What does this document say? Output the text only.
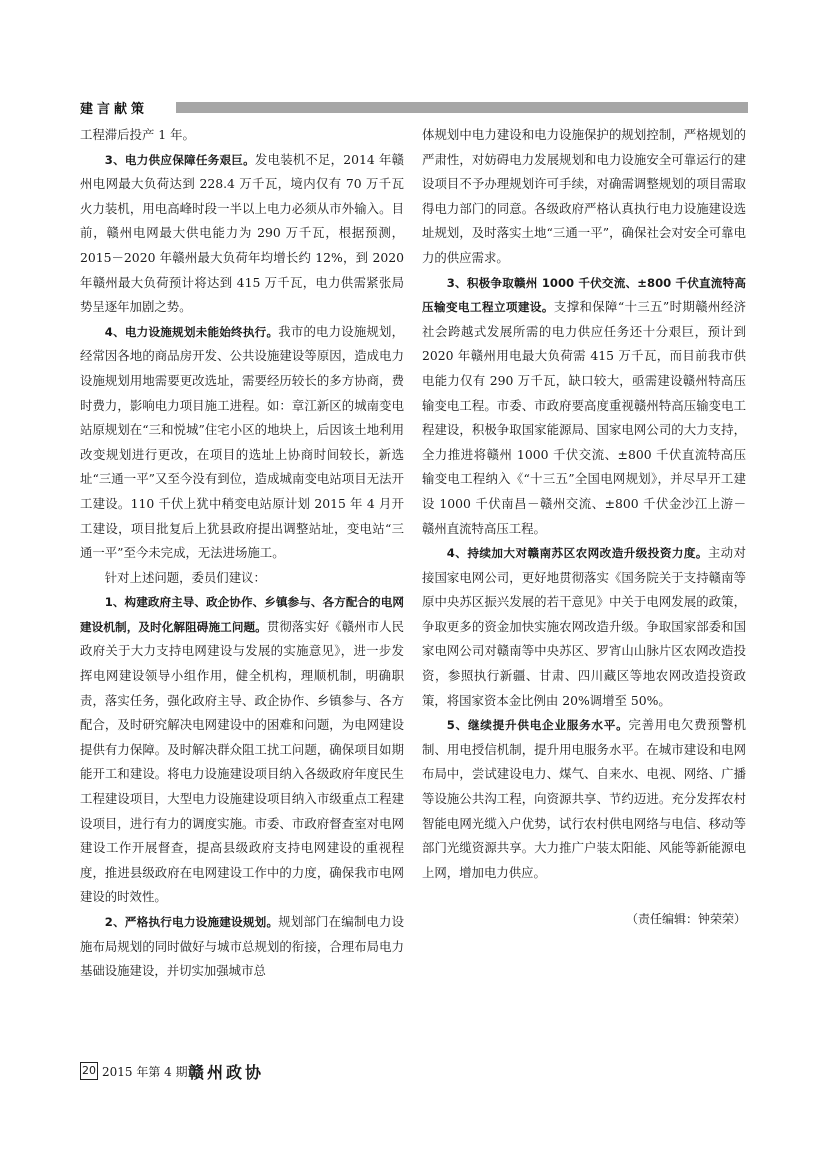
建言献策

工程滞后投产 1 年。

3、电力供应保障任务艰巨。发电装机不足，2014 年赣州电网最大负荷达到 228.4 万千瓦，境内仅有 70 万千瓦火力装机，用电高峰时段一半以上电力必须从市外输入。目前，赣州电网最大供电能力为 290 万千瓦，根据预测，2015－2020 年赣州最大负荷年均增长约 12%，到 2020 年赣州最大负荷预计将达到 415 万千瓦，电力供需紧张局势呈逐年加剧之势。

4、电力设施规划未能始终执行。我市的电力设施规划，经常因各地的商品房开发、公共设施建设等原因，造成电力设施规划用地需要更改选址，需要经历较长的多方协商，费时费力，影响电力项目施工进程。如：章江新区的城南变电站原规划在“三和悦城”住宅小区的地块上，后因该土地利用改变规划进行更改，在项目的选址上协商时间较长，新选址“三通一平”又至今没有到位，造成城南变电站项目无法开工建设。110 千伏上犹中稍变电站原计划 2015 年 4 月开工建设，项目批复后上犹县政府提出调整站址，变电站“三通一平”至今未完成，无法进场施工。

针对上述问题，委员们建议：

1、构建政府主导、政企协作、乡镇参与、各方配合的电网建设机制，及时化解阻碍施工问题。贯彻落实好《赣州市人民政府关于大力支持电网建设与发展的实施意见》，进一步发挥电网建设领导小组作用，健全机构，理顺机制，明确职责，落实任务，强化政府主导、政企协作、乡镇参与、各方配合，及时研究解决电网建设中的困难和问题，为电网建设提供有力保障。及时解决群众阻工扰工问题，确保项目如期能开工和建设。将电力设施建设项目纳入各级政府年度民生工程建设项目，大型电力设施建设项目纳入市级重点工程建设项目，进行有力的调度实施。市委、市政府督查室对电网建设工作开展督查，提高县级政府支持电网建设的重视程度，推进县级政府在电网建设工作中的力度，确保我市电网建设的时效性。

2、严格执行电力设施建设规划。规划部门在编制电力设施布局规划的同时做好与城市总规划的衔接，合理布局电力基础设施建设，并切实加强城市总

体规划中电力建设和电力设施保护的规划控制，严格规划的严肃性，对妨碍电力发展规划和电力设施安全可靠运行的建设项目不予办理规划许可手续，对确需调整规划的项目需取得电力部门的同意。各级政府严格认真执行电力设施建设选址规划，及时落实土地“三通一平”，确保社会对安全可靠电力的供应需求。

3、积极争取赣州 1000 千伏交流、±800 千伏直流特高压输变电工程立项建设。支撑和保障“十三五”时期赣州经济社会跨越式发展所需的电力供应任务还十分艰巨，预计到 2020 年赣州用电最大负荷需 415 万千瓦，而目前我市供电能力仅有 290 万千瓦，缺口较大，亟需建设赣州特高压输变电工程。市委、市政府要高度重视赣州特高压输变电工程建设，积极争取国家能源局、国家电网公司的大力支持，全力推进将赣州 1000 千伏交流、±800 千伏直流特高压输变电工程纳入《“十三五”全国电网规划》，并尽早开工建设 1000 千伏南昌－赣州交流、±800 千伏金沙江上游－赣州直流特高压工程。

4、持续加大对赣南苏区农网改造升级投资力度。主动对接国家电网公司，更好地贯彻落实《国务院关于支持赣南等原中央苏区振兴发展的若干意见》中关于电网发展的政策，争取更多的资金加快实施农网改造升级。争取国家部委和国家电网公司对赣南等中央苏区、罗宵山山脉片区农网改造投资，参照执行新疆、甘肃、四川藏区等地农网改造投资政策，将国家资本金比例由 20%调增至 50%。

5、继续提升供电企业服务水平。完善用电欠费预警机制、用电授信机制，提升用电服务水平。在城市建设和电网布局中，尝试建设电力、煤气、自来水、电视、网络、广播等设施公共沟工程，向资源共享、节约迈进。充分发挥农村智能电网光缆入户优势，试行农村供电网络与电信、移动等部门光缆资源共享。大力推广户装太阳能、风能等新能源电上网，增加电力供应。

（责任编辑：钟荣荣）

20 2015 年第 4 期 赣州政协
